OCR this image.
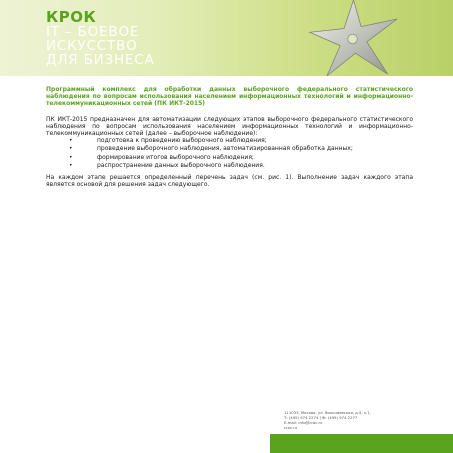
КРОК
IT – БОЕВОЕ
ИСКУССТВО
ДЛЯ БИЗНЕСА

Программный комплекс для обработки данных выборочного федерального статистического наблюдения по вопросам использования населением информационных технологий и информационно-телекоммуникационных сетей (ПК ИКТ-2015)

ПК ИКТ-2015 предназначен для автоматизации следующих этапов выборочного федерального статистического наблюдения по вопросам использования населением информационных технологий и информационно-телекоммуникационных сетей (далее – выборочное наблюдение):

•	подготовка к проведению выборочного наблюдения;
•	проведение выборочного наблюдения, автоматизированная обработка данных;
•	формирование итогов выборочного наблюдения;
•	распространение данных выборочного наблюдения.

На каждом этапе решается определенный перечень задач (см. рис. 1). Выполнение задач каждого этапа является основой для решения задач следующего.

111033, Москва, ул. Волочаевская, д.5, к.1,
Т: (495) 974 2274 | Ф: (495) 974 2277
E-mail: info@croc.ru
croc.ru
